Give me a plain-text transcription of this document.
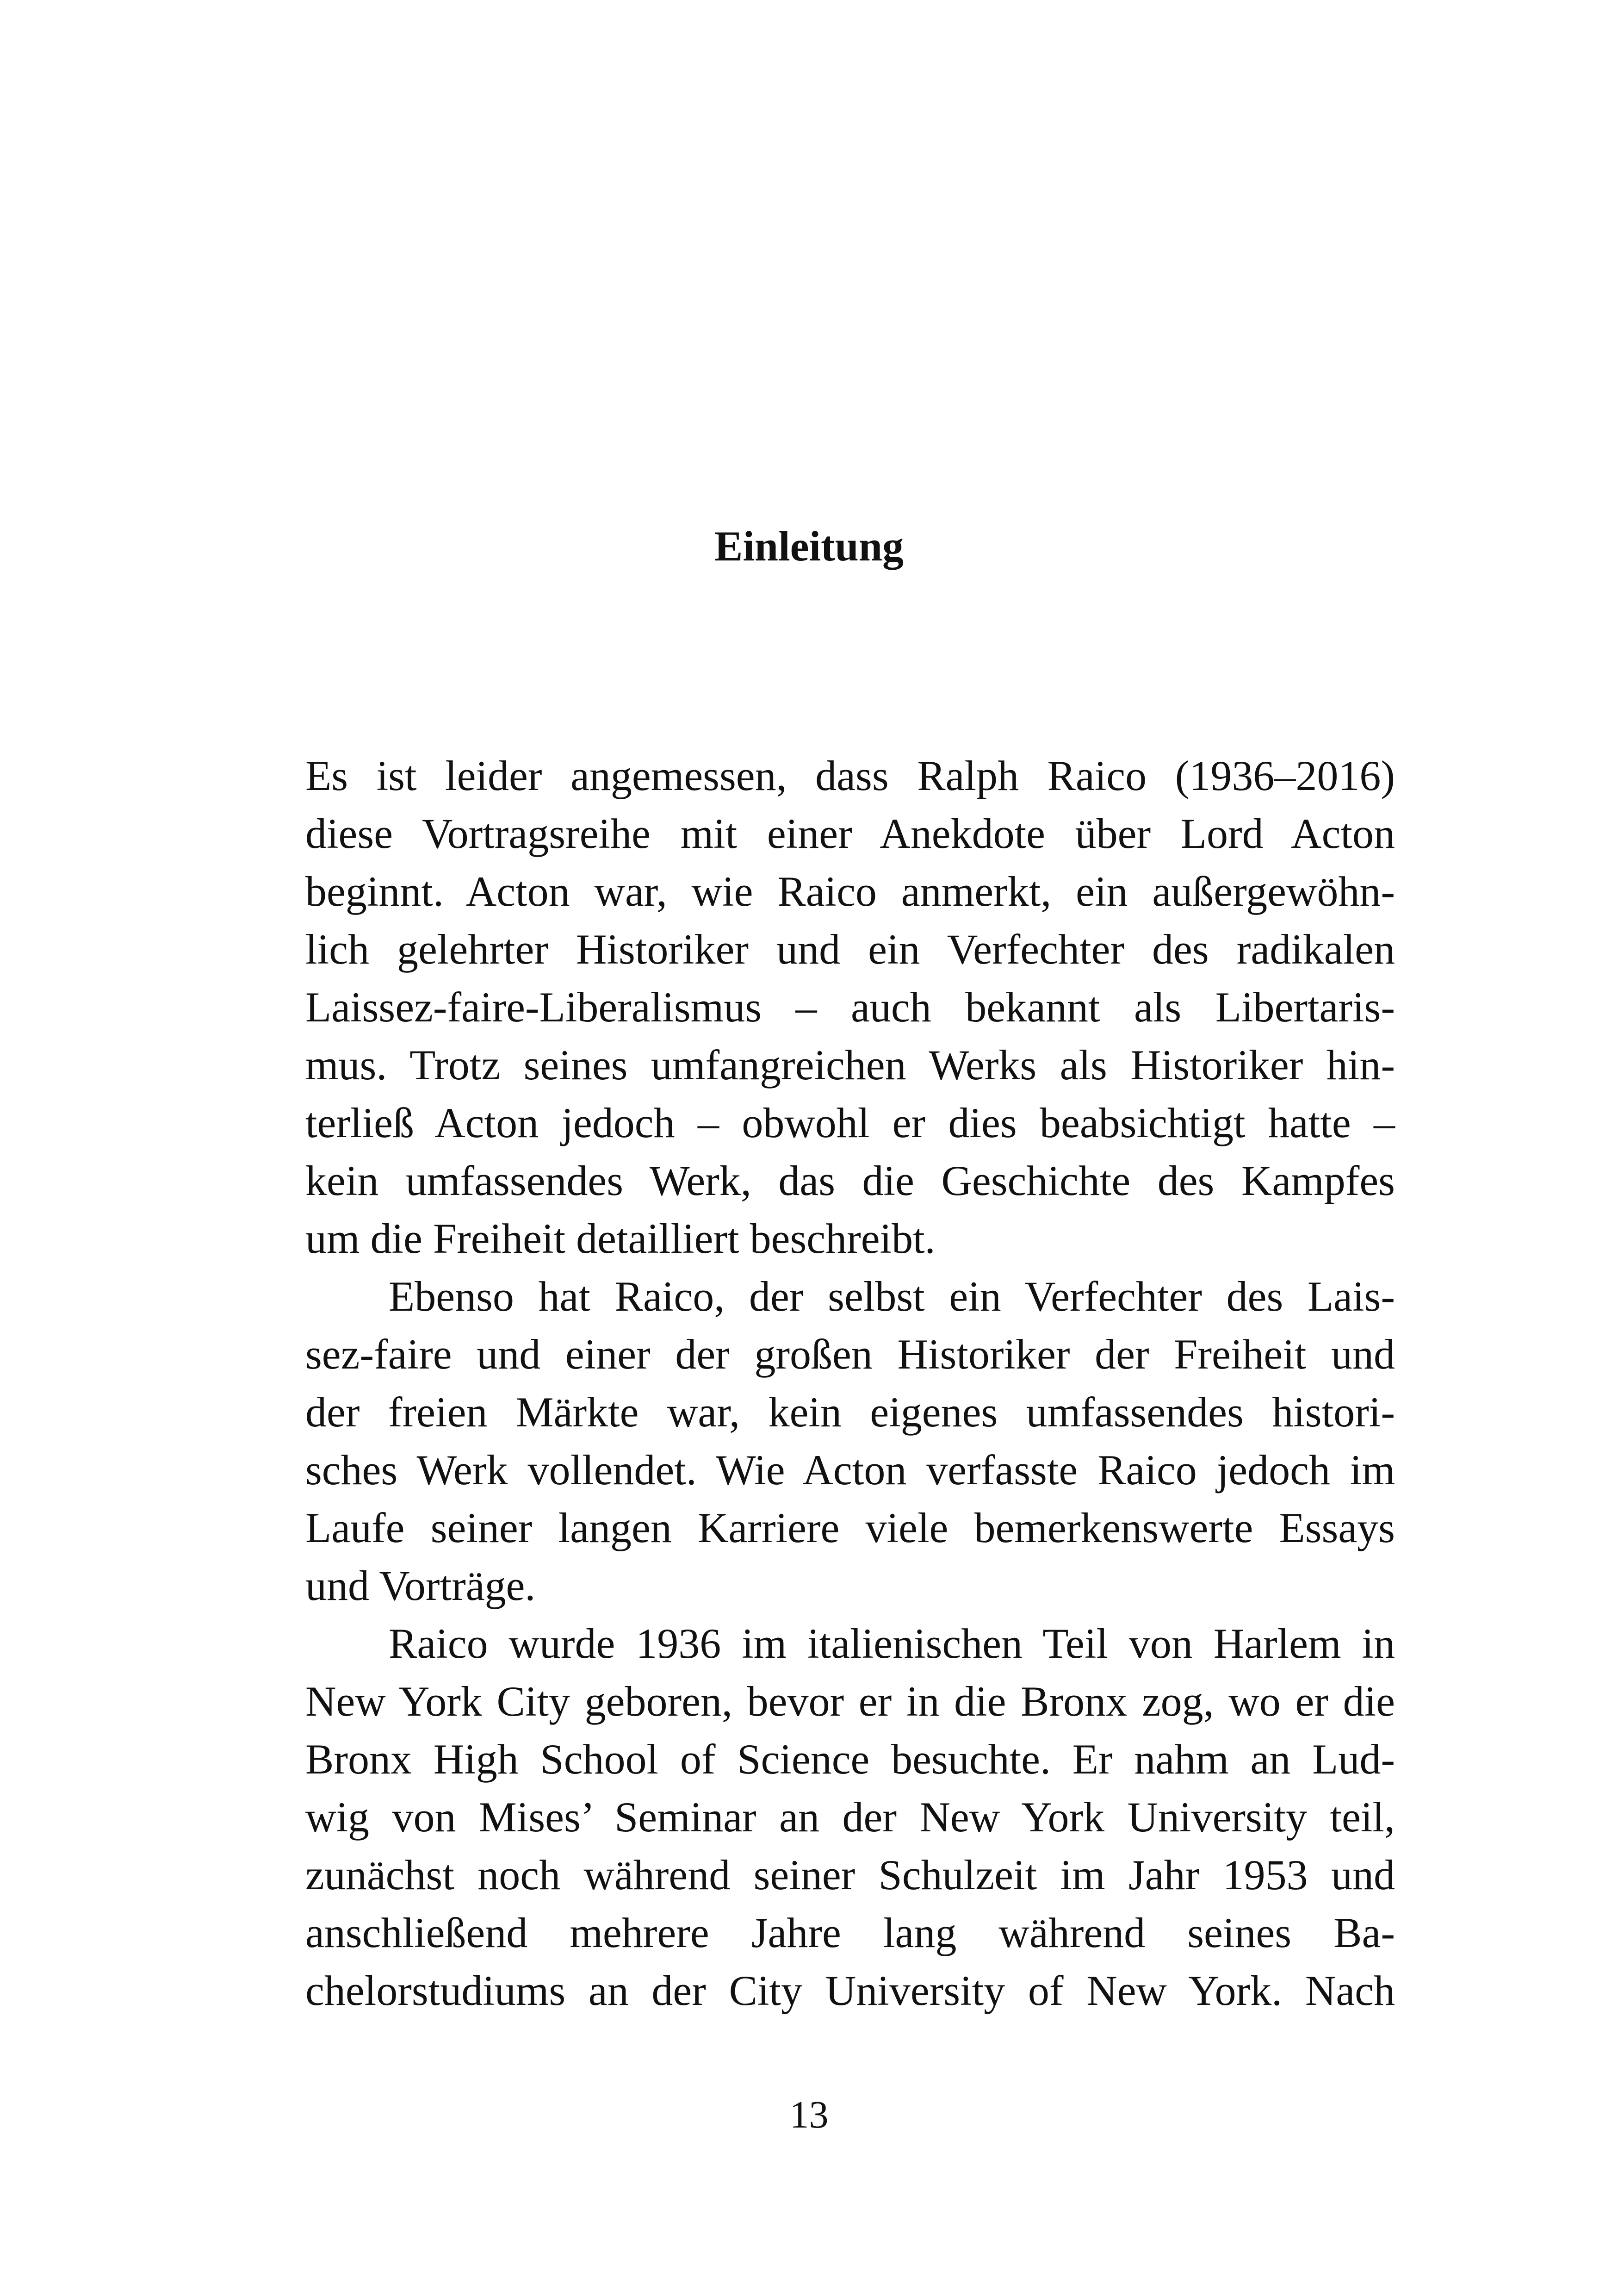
Einleitung
Es ist leider angemessen, dass Ralph Raico (1936–2016)
diese Vortragsreihe mit einer Anekdote über Lord Acton
beginnt. Acton war, wie Raico anmerkt, ein außergewöhn-
lich gelehrter Historiker und ein Verfechter des radikalen
Laissez-faire-Liberalismus – auch bekannt als Libertaris-
mus. Trotz seines umfangreichen Werks als Historiker hin-
terließ Acton jedoch – obwohl er dies beabsichtigt hatte –
kein umfassendes Werk, das die Geschichte des Kampfes
um die Freiheit detailliert beschreibt.
Ebenso hat Raico, der selbst ein Verfechter des Lais-
sez-faire und einer der großen Historiker der Freiheit und
der freien Märkte war, kein eigenes umfassendes histori-
sches Werk vollendet. Wie Acton verfasste Raico jedoch im
Laufe seiner langen Karriere viele bemerkenswerte Essays
und Vorträge.
Raico wurde 1936 im italienischen Teil von Harlem in
New York City geboren, bevor er in die Bronx zog, wo er die
Bronx High School of Science besuchte. Er nahm an Lud-
wig von Mises’ Seminar an der New York University teil,
zunächst noch während seiner Schulzeit im Jahr 1953 und
anschließend mehrere Jahre lang während seines Ba-
chelorstudiums an der City University of New York. Nach
13
